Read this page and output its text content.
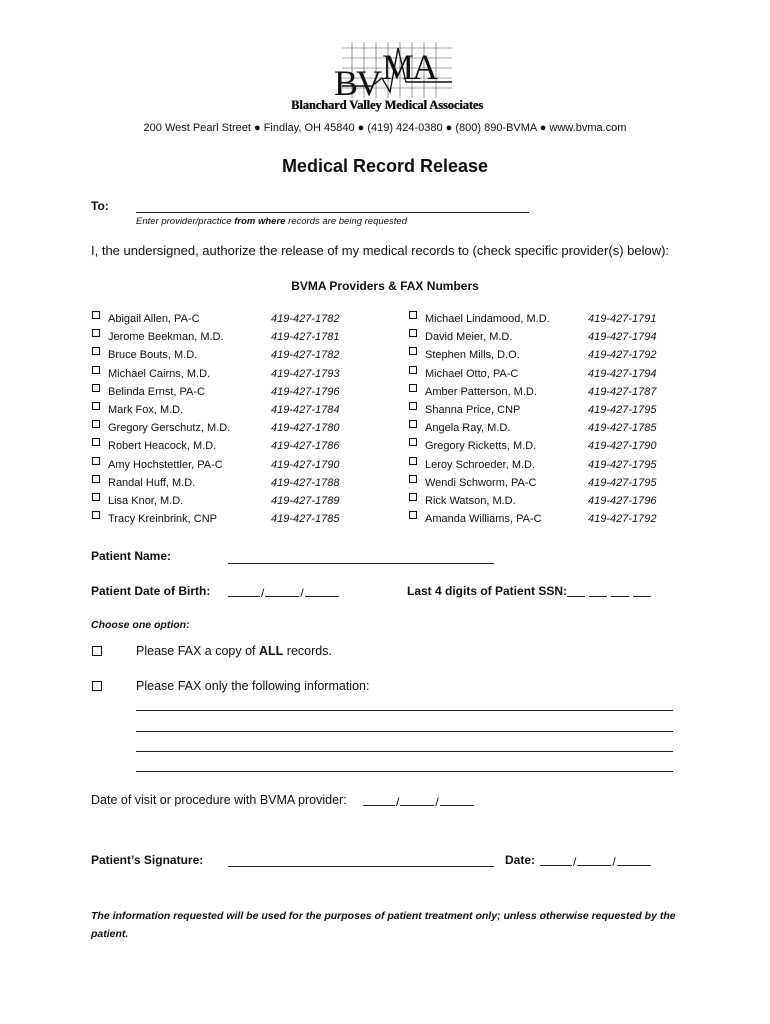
BV MA
Blanchard Valley Medical Associates
200 West Pearl Street ● Findlay, OH 45840 ● (419) 424-0380 ● (800) 890-BVMA ● www.bvma.com
Medical Record Release
To:
Enter provider/practice from where records are being requested
I, the undersigned, authorize the release of my medical records to (check specific provider(s) below):
BVMA Providers & FAX Numbers
Abigail Allen, PA-C	419-427-1782	Michael Lindamood, M.D.	419-427-1791
Jerome Beekman, M.D.	419-427-1781	David Meier, M.D.	419-427-1794
Bruce Bouts, M.D.	419-427-1782	Stephen Mills, D.O.	419-427-1792
Michael Cairns, M.D.	419-427-1793	Michael Otto, PA-C	419-427-1794
Belinda Ernst, PA-C	419-427-1796	Amber Patterson, M.D.	419-427-1787
Mark Fox, M.D.	419-427-1784	Shanna Price, CNP	419-427-1795
Gregory Gerschutz, M.D.	419-427-1780	Angela Ray, M.D.	419-427-1785
Robert Heacock, M.D.	419-427-1786	Gregory Ricketts, M.D.	419-427-1790
Amy Hochstettler, PA-C	419-427-1790	Leroy Schroeder, M.D.	419-427-1795
Randal Huff, M.D.	419-427-1788	Wendi Schworm, PA-C	419-427-1795
Lisa Knor, M.D.	419-427-1789	Rick Watson, M.D.	419-427-1796
Tracy Kreinbrink, CNP	419-427-1785	Amanda Williams, PA-C	419-427-1792
Patient Name:
Patient Date of Birth:	/	/	Last 4 digits of Patient SSN:
Choose one option:
Please FAX a copy of ALL records.
Please FAX only the following information:
Date of visit or procedure with BVMA provider:	/	/
Patient’s Signature:	Date:	/	/
The information requested will be used for the purposes of patient treatment only; unless otherwise requested by the patient.
